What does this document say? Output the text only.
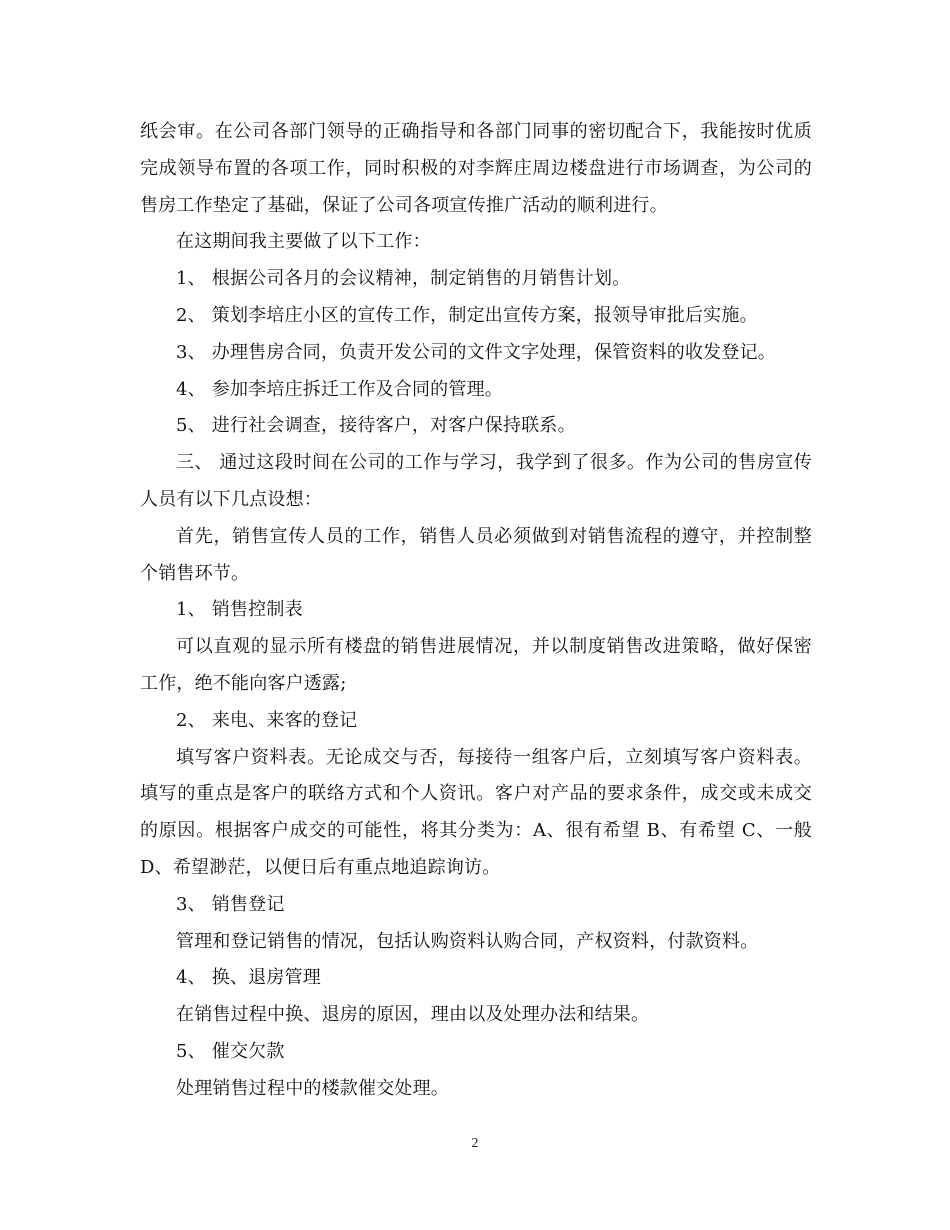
纸会审。在公司各部门领导的正确指导和各部门同事的密切配合下，我能按时优质完成领导布置的各项工作，同时积极的对李辉庄周边楼盘进行市场调查，为公司的售房工作垫定了基础，保证了公司各项宣传推广活动的顺利进行。

在这期间我主要做了以下工作：

1、 根据公司各月的会议精神，制定销售的月销售计划。

2、 策划李培庄小区的宣传工作，制定出宣传方案，报领导审批后实施。

3、 办理售房合同，负责开发公司的文件文字处理，保管资料的收发登记。

4、 参加李培庄拆迁工作及合同的管理。

5、 进行社会调查，接待客户，对客户保持联系。

三、 通过这段时间在公司的工作与学习，我学到了很多。作为公司的售房宣传人员有以下几点设想：

首先，销售宣传人员的工作，销售人员必须做到对销售流程的遵守，并控制整个销售环节。

1、 销售控制表

可以直观的显示所有楼盘的销售进展情况，并以制度销售改进策略，做好保密工作，绝不能向客户透露;

2、 来电、来客的登记

填写客户资料表。无论成交与否，每接待一组客户后，立刻填写客户资料表。填写的重点是客户的联络方式和个人资讯。客户对产品的要求条件，成交或未成交的原因。根据客户成交的可能性，将其分类为：A、很有希望 B、有希望 C、一般 D、希望渺茫，以便日后有重点地追踪询访。

3、 销售登记

管理和登记销售的情况，包括认购资料认购合同，产权资料，付款资料。

4、 换、退房管理

在销售过程中换、退房的原因，理由以及处理办法和结果。

5、 催交欠款

处理销售过程中的楼款催交处理。

2
